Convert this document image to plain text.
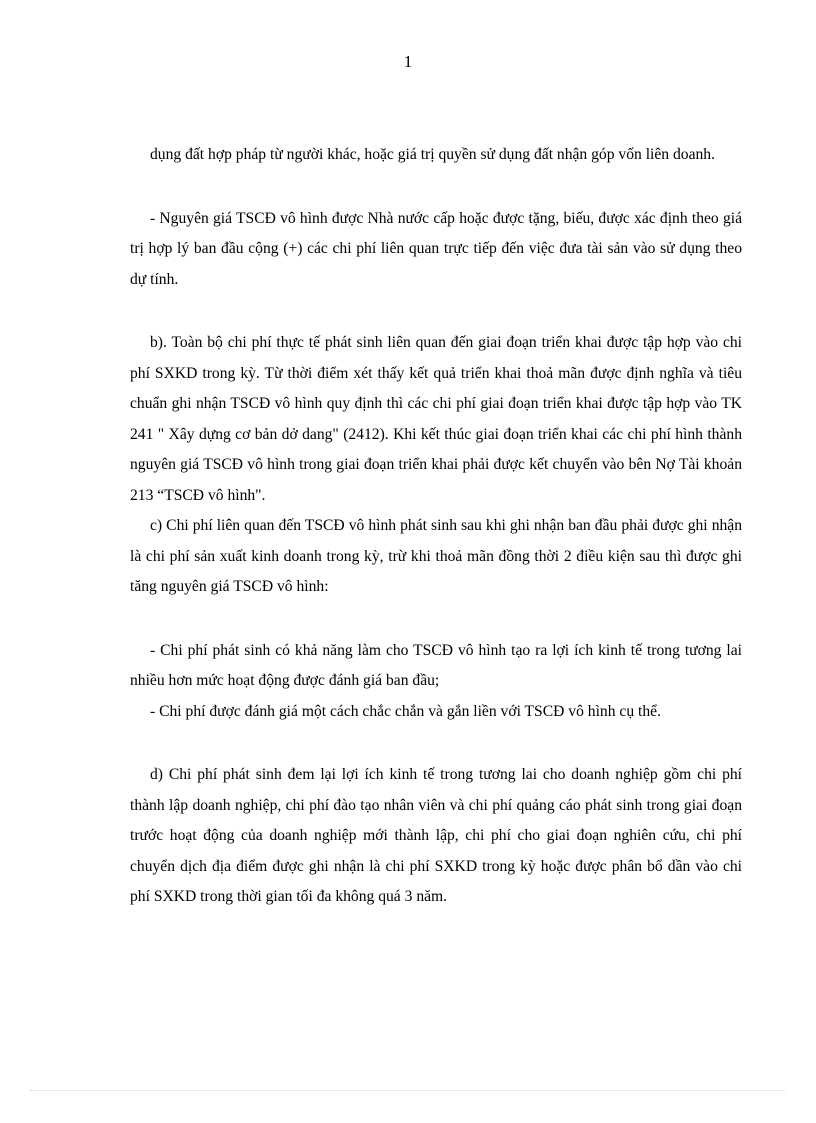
1

dụng đất hợp pháp từ người khác, hoặc giá trị quyền sử dụng đất nhận góp vốn liên doanh.

- Nguyên giá TSCĐ vô hình được Nhà nước cấp hoặc được tặng, biếu, được xác định theo giá trị hợp lý ban đầu cộng (+) các chi phí liên quan trực tiếp đến việc đưa tài sản vào sử dụng theo dự tính.

b). Toàn bộ chi phí thực tế phát sinh liên quan đến giai đoạn triển khai được tập hợp vào chi phí SXKD trong kỳ. Từ thời điểm xét thấy kết quả triển khai thoả mãn được định nghĩa và tiêu chuẩn ghi nhận TSCĐ vô hình quy định thì các chi phí giai đoạn triển khai được tập hợp vào TK 241 " Xây dựng cơ bản dở dang" (2412). Khi kết thúc giai đoạn triển khai các chi phí hình thành nguyên giá TSCĐ vô hình trong giai đoạn triển khai phải được kết chuyển vào bên Nợ Tài khoản 213 “TSCĐ vô hình".

c) Chi phí liên quan đến TSCĐ vô hình phát sinh sau khi ghi nhận ban đầu phải được ghi nhận là chi phí sản xuất kinh doanh trong kỳ, trừ khi thoả mãn đồng thời 2 điều kiện sau thì được ghi tăng nguyên giá TSCĐ vô hình:

- Chi phí phát sinh có khả năng làm cho TSCĐ vô hình tạo ra lợi ích kinh tế trong tương lai nhiều hơn mức hoạt động được đánh giá ban đầu;

- Chi phí được đánh giá một cách chắc chắn và gắn liền với TSCĐ vô hình cụ thể.

d) Chi phí phát sinh đem lại lợi ích kinh tế trong tương lai cho doanh nghiệp gồm chi phí thành lập doanh nghiệp, chi phí đào tạo nhân viên và chi phí quảng cáo phát sinh trong giai đoạn trước hoạt động của doanh nghiệp mới thành lập, chi phí cho giai đoạn nghiên cứu, chi phí chuyển dịch địa điểm được ghi nhận là chi phí SXKD trong kỳ hoặc được phân bổ dần vào chi phí SXKD trong thời gian tối đa không quá 3 năm.
